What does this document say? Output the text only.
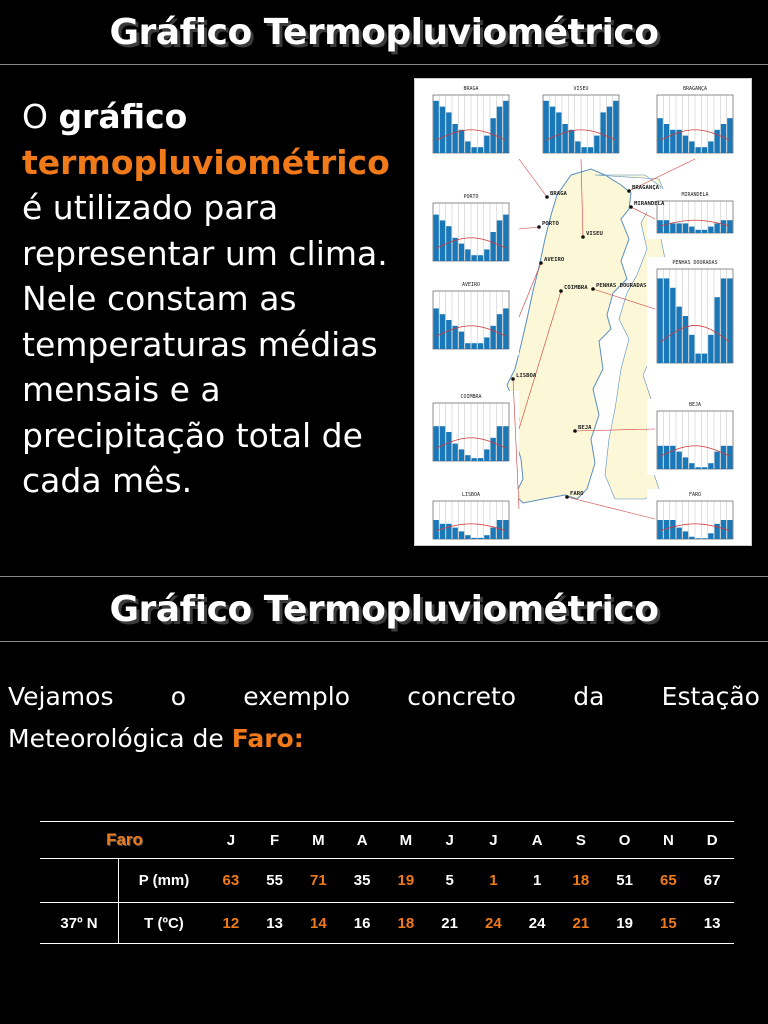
Gráfico Termopluviométrico
O gráfico
termopluviométrico
é utilizado para representar um clima. Nele constam as temperaturas médias mensais e a precipitação total de cada mês.
BRAGA
PORTO
AVEIRO
COIMBRA
LISBOA
VISEU	BRAGANÇA
MIRANDELA
PENHAS DOURADAS
BEJA
FARO
BRAGA
PORTO
VISEU
AVEIRO
COIMBRA
BRAGANÇA
MIRANDELA
PENHAS DOURADAS
LISBOA
BEJA
FARO
Gráfico Termopluviométrico
Vejamos o exemplo concreto da Estação
Meteorológica de Faro:
Faro		J	F	M	A	M	J	J	A	S	O	N	D
	P (mm)	63	55	71	35	19	5	1	1	18	51	65	67
37º N	T (ºC)	12	13	14	16	18	21	24	24	21	19	15	13
